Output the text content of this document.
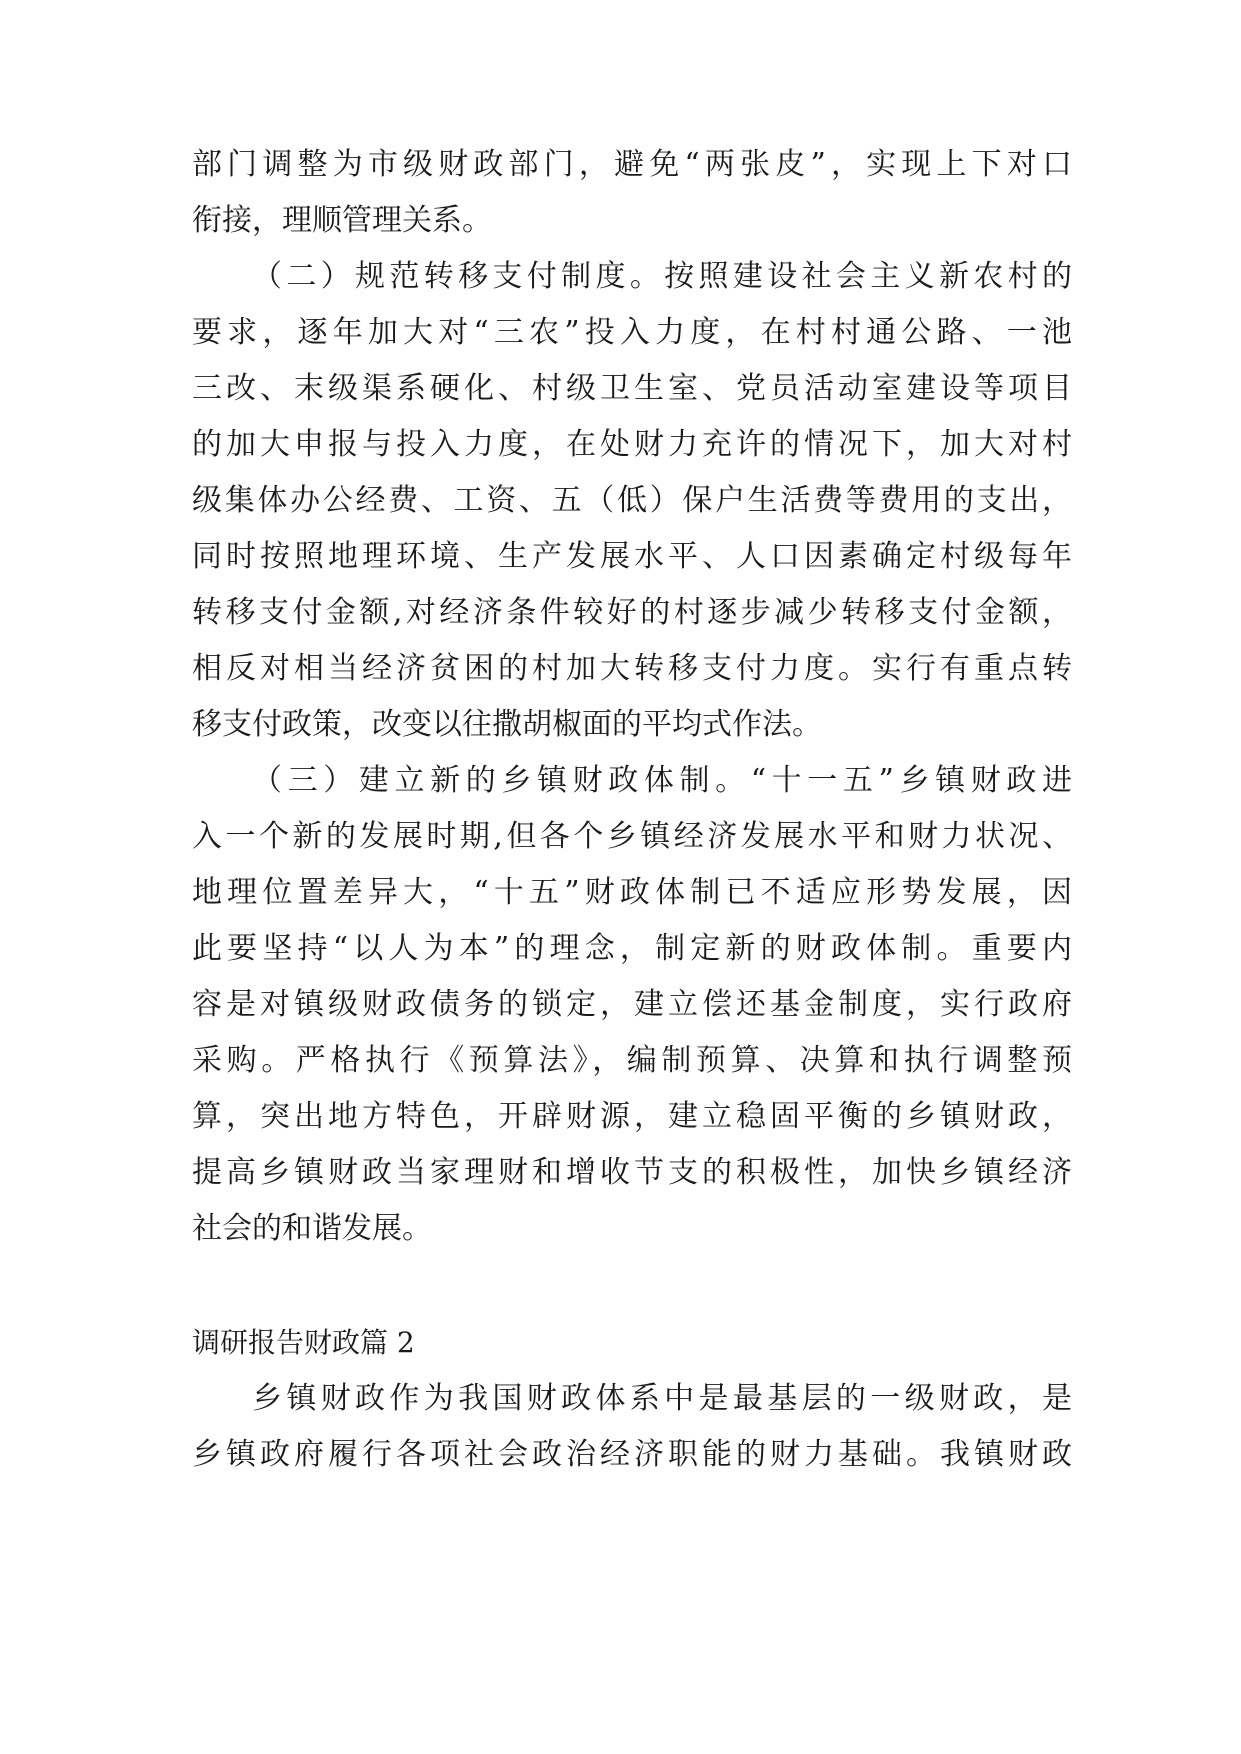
部门调整为市级财政部门，避免“两张皮”，实现上下对口
衔接，理顺管理关系。
（二）规范转移支付制度。按照建设社会主义新农村的
要求，逐年加大对“三农”投入力度，在村村通公路、一池
三改、末级渠系硬化、村级卫生室、党员活动室建设等项目
的加大申报与投入力度，在处财力充许的情况下，加大对村
级集体办公经费、工资、五（低）保户生活费等费用的支出，
同时按照地理环境、生产发展水平、人口因素确定村级每年
转移支付金额,对经济条件较好的村逐步减少转移支付金额，
相反对相当经济贫困的村加大转移支付力度。实行有重点转
移支付政策，改变以往撒胡椒面的平均式作法。
（三）建立新的乡镇财政体制。“十一五”乡镇财政进
入一个新的发展时期,但各个乡镇经济发展水平和财力状况、
地理位置差异大，“十五”财政体制已不适应形势发展，因
此要坚持“以人为本”的理念，制定新的财政体制。重要内
容是对镇级财政债务的锁定，建立偿还基金制度，实行政府
采购。严格执行《预算法》，编制预算、决算和执行调整预
算，突出地方特色，开辟财源，建立稳固平衡的乡镇财政，
提高乡镇财政当家理财和增收节支的积极性，加快乡镇经济
社会的和谐发展。
调研报告财政篇 2
乡镇财政作为我国财政体系中是最基层的一级财政，是
乡镇政府履行各项社会政治经济职能的财力基础。我镇财政
